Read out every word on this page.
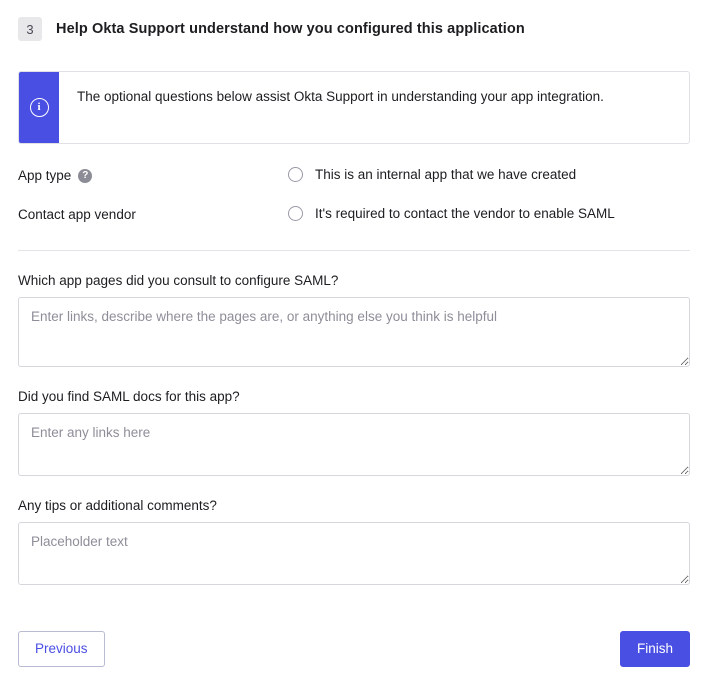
3	Help Okta Support understand how you configured this application
i
The optional questions below assist Okta Support in understanding your app integration.
App type	?	This is an internal app that we have created
Contact app vendor	It's required to contact the vendor to enable SAML
Which app pages did you consult to configure SAML?
Enter links, describe where the pages are, or anything else you think is helpful
Did you find SAML docs for this app?
Enter any links here
Any tips or additional comments?
Placeholder text
Previous	Finish
